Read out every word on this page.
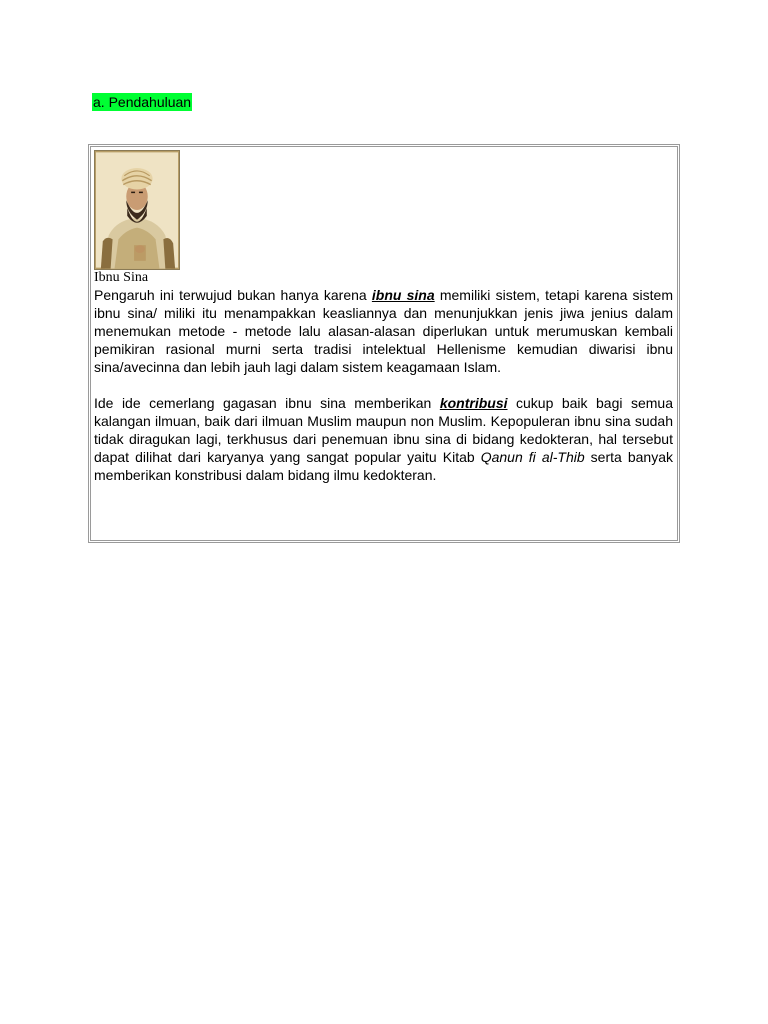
a. Pendahuluan
Ibnu Sina

Pengaruh ini terwujud bukan hanya karena ibnu sina memiliki sistem, tetapi karena sistem ibnu sina/ miliki itu menampakkan keasliannya dan menunjukkan jenis jiwa jenius dalam menemukan metode - metode lalu alasan-alasan diperlukan untuk merumuskan kembali pemikiran rasional murni serta tradisi intelektual Hellenisme kemudian diwarisi ibnu sina/avecinna dan lebih jauh lagi dalam sistem keagamaan Islam.

Ide ide cemerlang gagasan ibnu sina memberikan kontribusi cukup baik bagi semua kalangan ilmuan, baik dari ilmuan Muslim maupun non Muslim. Kepopuleran ibnu sina sudah tidak diragukan lagi, terkhusus dari penemuan ibnu sina di bidang kedokteran, hal tersebut dapat dilihat dari karyanya yang sangat popular yaitu Kitab Qanun fi al-Thib serta banyak memberikan konstribusi dalam bidang ilmu kedokteran.
